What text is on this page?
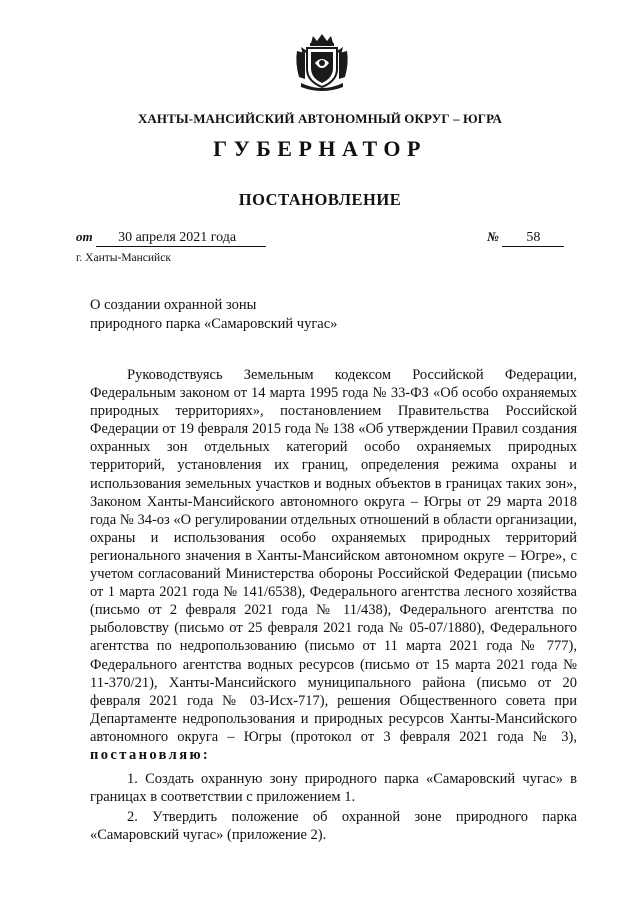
ХАНТЫ-МАНСИЙСКИЙ АВТОНОМНЫЙ ОКРУГ – ЮГРА
ГУБЕРНАТОР
ПОСТАНОВЛЕНИЕ
от 30 апреля 2021 года	№ 58
г. Ханты-Мансийск
О создании охранной зоны
природного парка «Самаровский чугас»

Руководствуясь Земельным кодексом Российской Федерации, Федеральным законом от 14 марта 1995 года № 33-ФЗ «Об особо охраняемых природных территориях», постановлением Правительства Российской Федерации от 19 февраля 2015 года № 138 «Об утверждении Правил создания охранных зон отдельных категорий особо охраняемых природных территорий, установления их границ, определения режима охраны и использования земельных участков и водных объектов в границах таких зон», Законом Ханты-Мансийского автономного округа – Югры от 29 марта 2018 года № 34-оз «О регулировании отдельных отношений в области организации, охраны и использования особо охраняемых природных территорий регионального значения в Ханты-Мансийском автономном округе – Югре», с учетом согласований Министерства обороны Российской Федерации (письмо от 1 марта 2021 года № 141/6538), Федерального агентства лесного хозяйства (письмо от 2 февраля 2021 года № 11/438), Федерального агентства по рыболовству (письмо от 25 февраля 2021 года № 05-07/1880), Федерального агентства по недропользованию (письмо от 11 марта 2021 года № 777), Федерального агентства водных ресурсов (письмо от 15 марта 2021 года № 11-370/21), Ханты-Мансийского муниципального района (письмо от 20 февраля 2021 года № 03-Исх-717), решения Общественного совета при Департаменте недропользования и природных ресурсов Ханты-Мансийского автономного округа – Югры (протокол от 3 февраля 2021 года № 3), постановляю:

1. Создать охранную зону природного парка «Самаровский чугас» в границах в соответствии с приложением 1.

2. Утвердить положение об охранной зоне природного парка «Самаровский чугас» (приложение 2).
